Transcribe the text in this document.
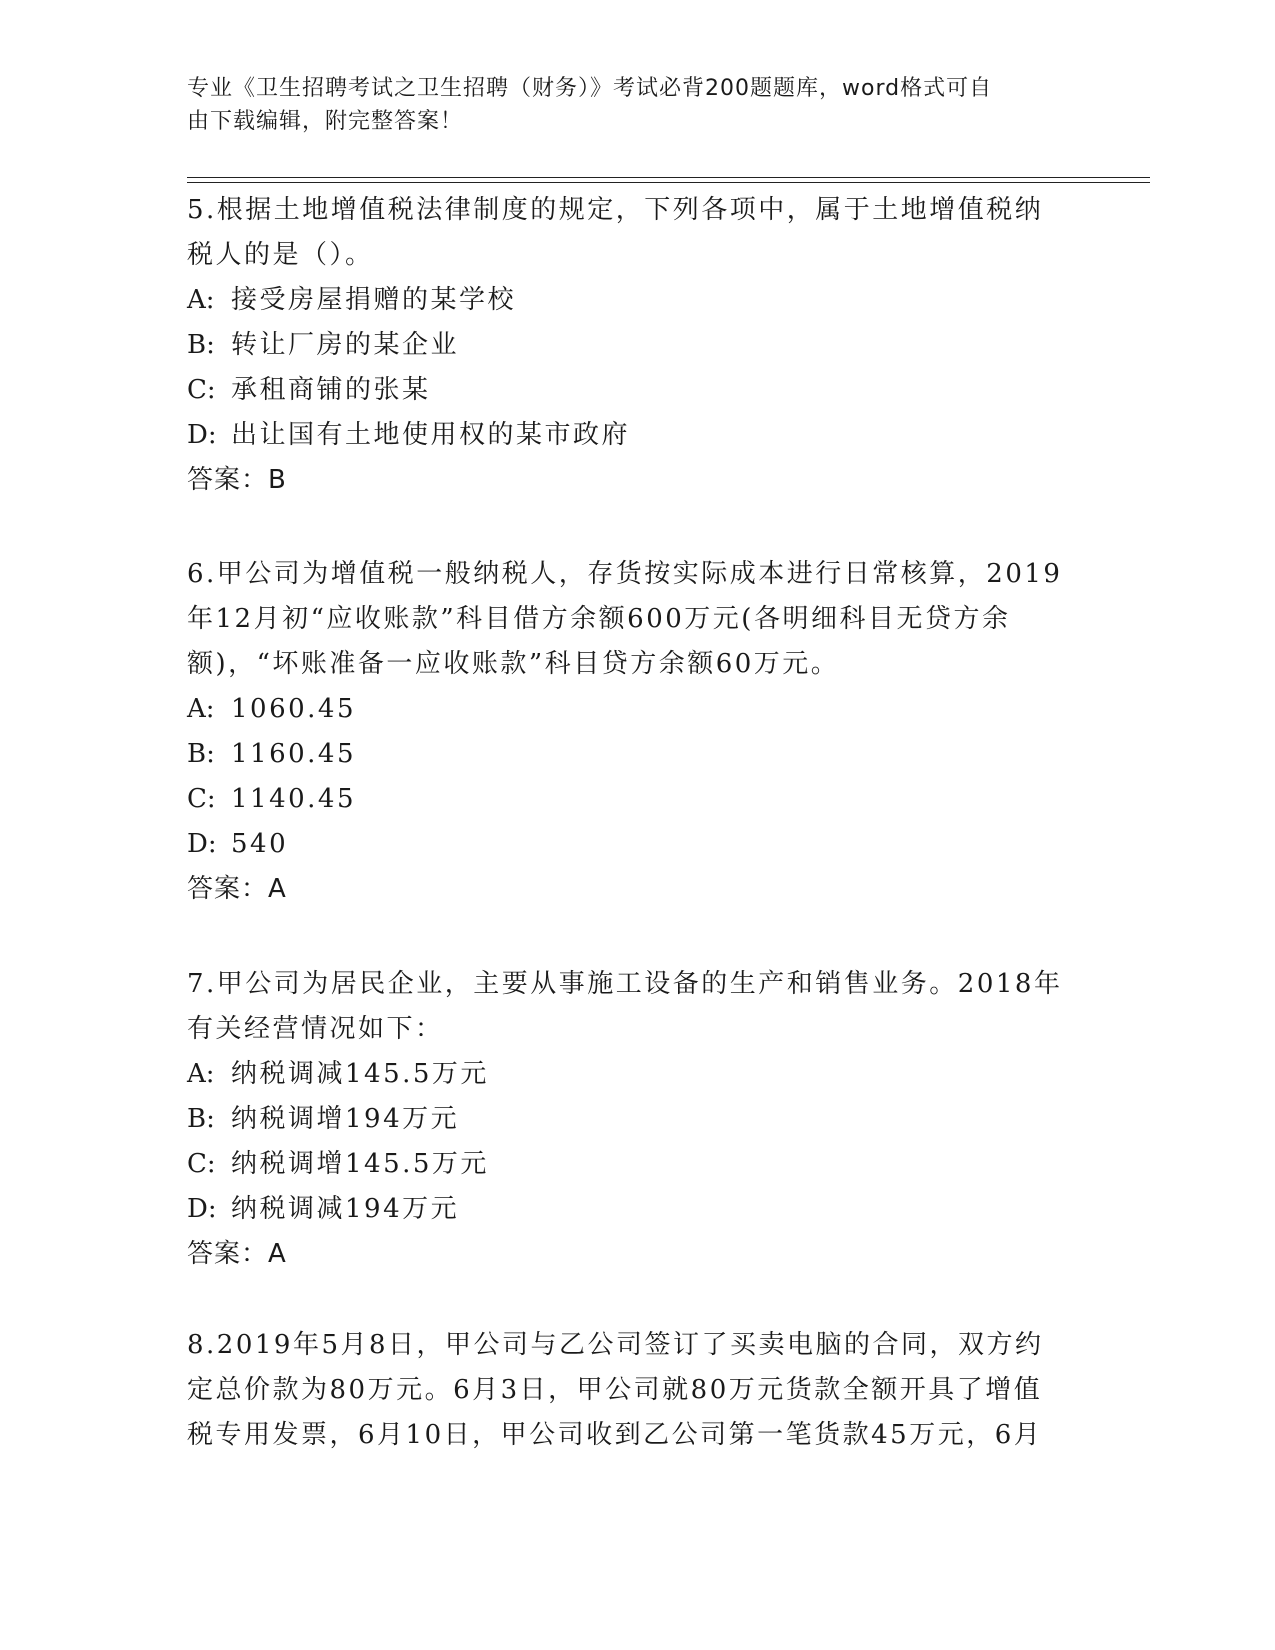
专业《卫生招聘考试之卫生招聘（财务）》考试必背200题题库，word格式可自
由下载编辑，附完整答案！

5.根据土地增值税法律制度的规定，下列各项中，属于土地增值税纳

税人的是（）。

A: 接受房屋捐赠的某学校

B: 转让厂房的某企业

C: 承租商铺的张某

D: 出让国有土地使用权的某市政府

答案：B

6.甲公司为增值税一般纳税人，存货按实际成本进行日常核算，2019

年12月初“应收账款”科目借方余额600万元(各明细科目无贷方余

额)，“坏账准备一应收账款”科目贷方余额60万元。

A: 1060.45

B: 1160.45

C: 1140.45

D: 540

答案：A

7.甲公司为居民企业，主要从事施工设备的生产和销售业务。2018年

有关经营情况如下：

A: 纳税调减145.5万元

B: 纳税调增194万元

C: 纳税调增145.5万元

D: 纳税调减194万元

答案：A

8.2019年5月8日，甲公司与乙公司签订了买卖电脑的合同，双方约

定总价款为80万元。6月3日，甲公司就80万元货款全额开具了增值

税专用发票，6月10日，甲公司收到乙公司第一笔货款45万元，6月
